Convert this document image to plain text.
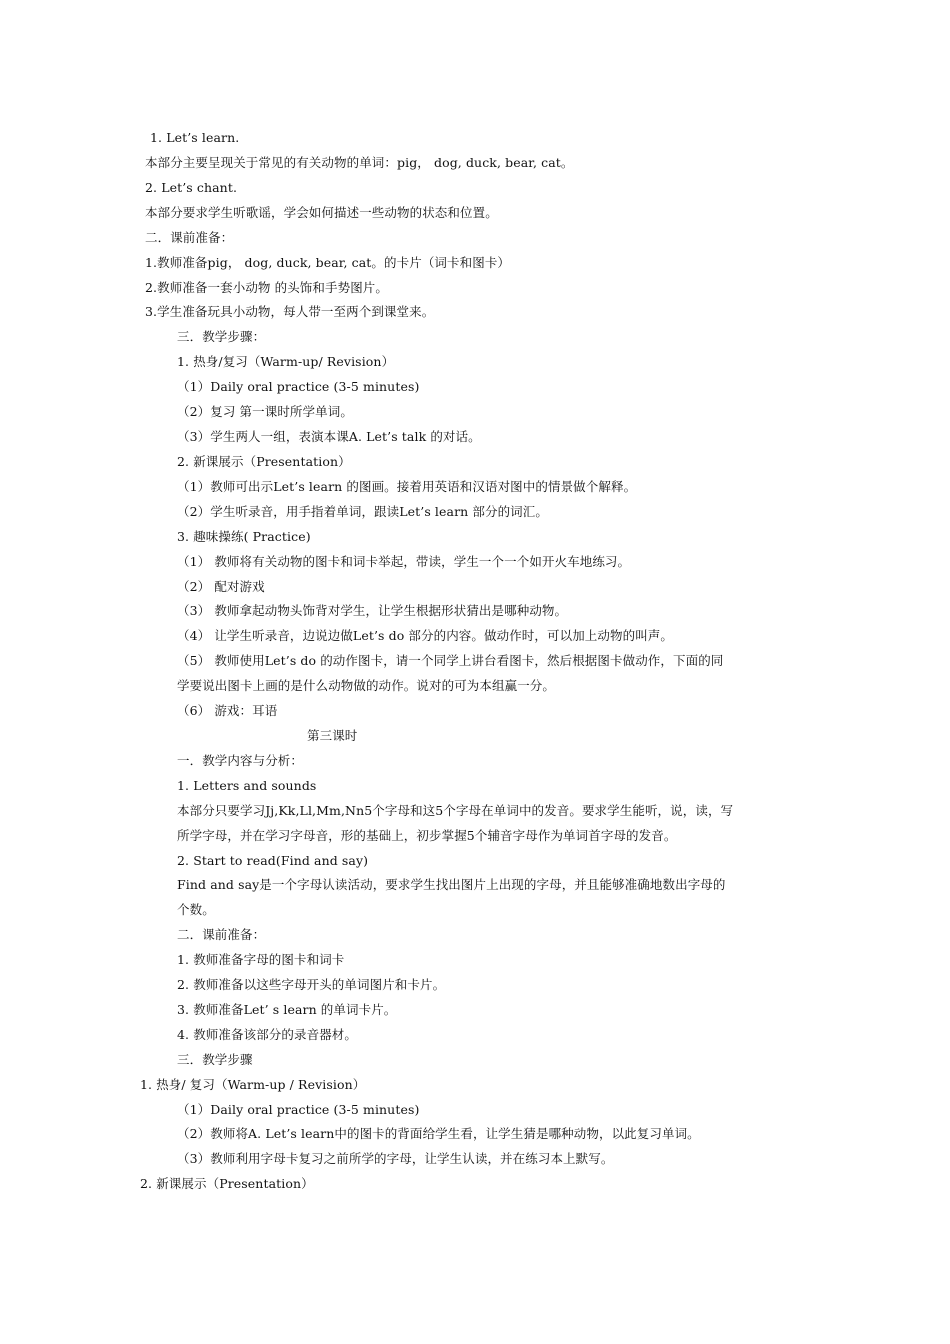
1. Let’s learn.
本部分主要呈现关于常见的有关动物的单词：pig， dog, duck, bear, cat。
2. Let’s chant.
本部分要求学生听歌谣，学会如何描述一些动物的状态和位置。
二．课前准备：
1.教师准备pig， dog, duck, bear, cat。的卡片（词卡和图卡）
2.教师准备一套小动物 的头饰和手势图片。
3.学生准备玩具小动物，每人带一至两个到课堂来。
三．教学步骤：
1. 热身/复习（Warm-up/ Revision）
（1）Daily oral practice (3-5 minutes)
（2）复习 第一课时所学单词。
（3）学生两人一组，表演本课A. Let’s talk 的对话。
2. 新课展示（Presentation）
（1）教师可出示Let’s learn 的图画。接着用英语和汉语对图中的情景做个解释。
（2）学生听录音，用手指着单词，跟读Let’s learn 部分的词汇。
3. 趣味操练( Practice)
（1） 教师将有关动物的图卡和词卡举起，带读，学生一个一个如开火车地练习。
（2） 配对游戏
（3） 教师拿起动物头饰背对学生，让学生根据形状猜出是哪种动物。
（4） 让学生听录音，边说边做Let’s do 部分的内容。做动作时，可以加上动物的叫声。
（5） 教师使用Let’s do 的动作图卡，请一个同学上讲台看图卡，然后根据图卡做动作，下面的同
学要说出图卡上画的是什么动物做的动作。说对的可为本组赢一分。
（6） 游戏：耳语
第三课时
一．教学内容与分析：
1. Letters and sounds
本部分只要学习Jj,Kk,Ll,Mm,Nn5个字母和这5个字母在单词中的发音。要求学生能听，说，读，写
所学字母，并在学习字母音，形的基础上，初步掌握5个辅音字母作为单词首字母的发音。
2. Start to read(Find and say)
Find and say是一个字母认读活动，要求学生找出图片上出现的字母，并且能够准确地数出字母的
个数。
二．课前准备：
1. 教师准备字母的图卡和词卡
2. 教师准备以这些字母开头的单词图片和卡片。
3. 教师准备Let’ s learn 的单词卡片。
4. 教师准备该部分的录音器材。
三．教学步骤
1. 热身/ 复习（Warm-up / Revision）
（1）Daily oral practice (3-5 minutes)
（2）教师将A. Let’s learn中的图卡的背面给学生看，让学生猜是哪种动物，以此复习单词。
（3）教师利用字母卡复习之前所学的字母，让学生认读，并在练习本上默写。
2. 新课展示（Presentation）
